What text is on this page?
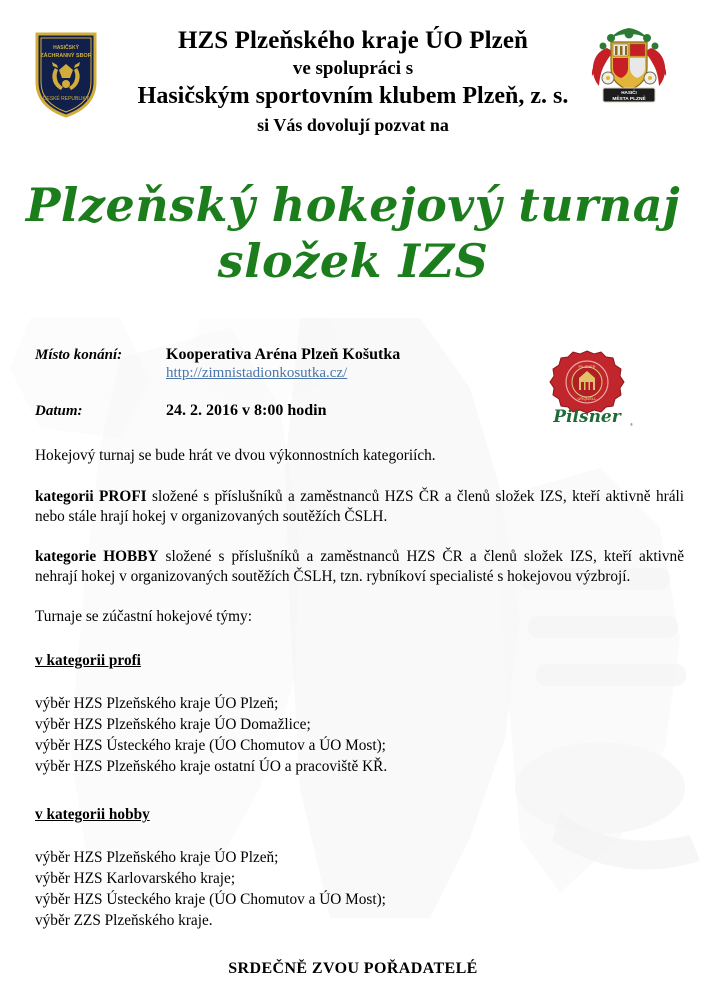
HASIČSKÝ
ZÁCHRANNÝ SBOR
ČESKÉ REPUBLIKY
HZS Plzeňského kraje ÚO Plzeň
ve spolupráci s
Hasičským sportovním klubem Plzeň, z. s.
si Vás dovolují pozvat na
HASIČI
MĚSTA PLZNĚ
Plzeňský hokejový turnaj
složek IZS
Místo konání:	Kooperativa Aréna Plzeň Košutka
http://zimnistadionkosutka.cz/
Datum:	24. 2. 2016 v 8:00 hodin
PILSNER
URQUELL
Pilsner ®

Hokejový turnaj se bude hrát ve dvou výkonnostních kategoriích.

kategorii PROFI složené s příslušníků a zaměstnanců HZS ČR a členů složek IZS, kteří aktivně hráli nebo stále hrají hokej v organizovaných soutěžích ČSLH.

kategorie HOBBY složené s příslušníků a zaměstnanců HZS ČR a členů složek IZS, kteří aktivně nehrají hokej v organizovaných soutěžích ČSLH, tzn. rybníkoví specialisté s hokejovou výzbrojí.

Turnaje se zúčastní hokejové týmy:

v kategorii profi
výběr HZS Plzeňského kraje ÚO Plzeň;
výběr HZS Plzeňského kraje ÚO Domažlice;
výběr HZS Ústeckého kraje (ÚO Chomutov a ÚO Most);
výběr HZS Plzeňského kraje ostatní ÚO a pracoviště KŘ.
v kategorii hobby
výběr HZS Plzeňského kraje ÚO Plzeň;
výběr HZS Karlovarského kraje;
výběr HZS Ústeckého kraje (ÚO Chomutov a ÚO Most);
výběr ZZS Plzeňského kraje.
SRDEČNĚ ZVOU POŘADATELÉ
